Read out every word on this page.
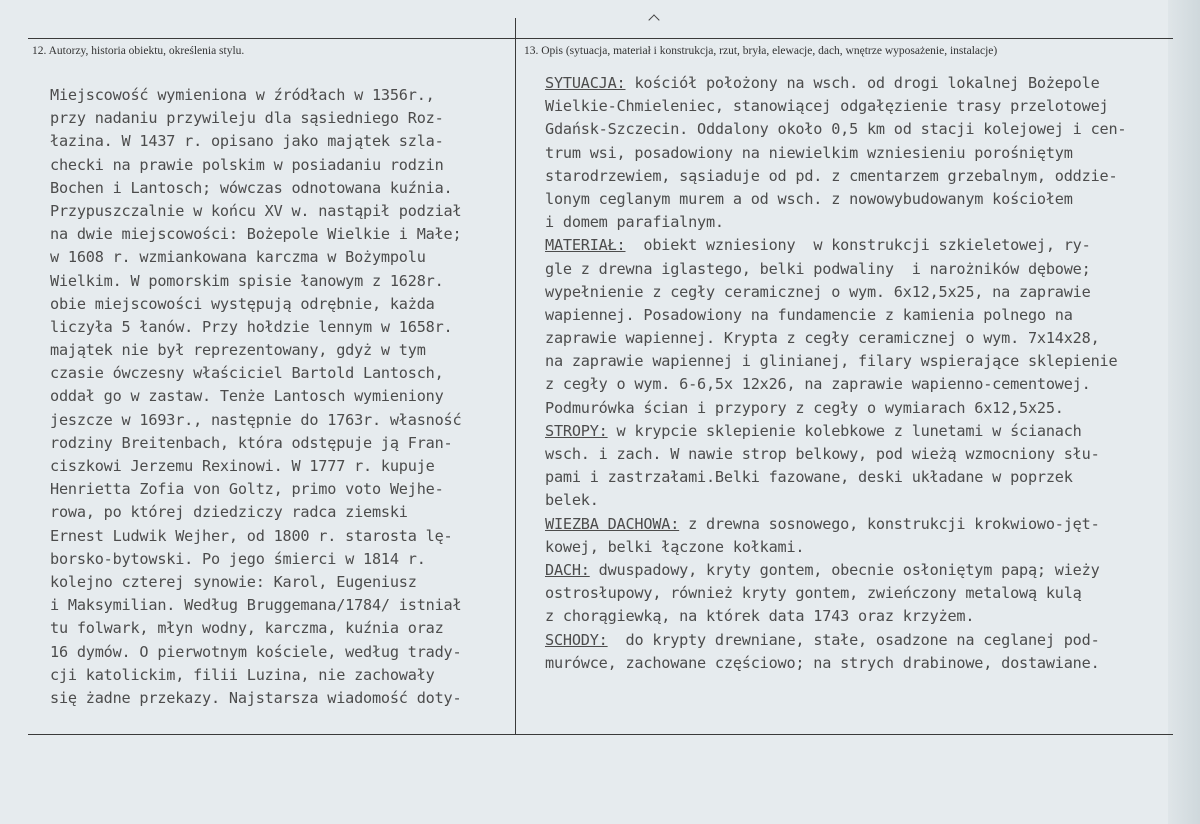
12. Autorzy, historia obiektu, określenia stylu.	13. Opis (sytuacja, materiał i konstrukcja, rzut, bryła, elewacje, dach, wnętrze wyposażenie, instalacje)
Miejscowość wymieniona w źródłach w 1356r.,
przy nadaniu przywileju dla sąsiedniego Roz-
łazina. W 1437 r. opisano jako majątek szla-
checki na prawie polskim w posiadaniu rodzin
Bochen i Lantosch; wówczas odnotowana kuźnia.
Przypuszczalnie w końcu XV w. nastąpił podział
na dwie miejscowości: Bożepole Wielkie i Małe;
w 1608 r. wzmiankowana karczma w Bożympolu
Wielkim. W pomorskim spisie łanowym z 1628r.
obie miejscowości występują odrębnie, każda
liczyła 5 łanów. Przy hołdzie lennym w 1658r.
majątek nie był reprezentowany, gdyż w tym
czasie ówczesny właściciel Bartold Lantosch,
oddał go w zastaw. Tenże Lantosch wymieniony
jeszcze w 1693r., następnie do 1763r. własność
rodziny Breitenbach, która odstępuje ją Fran-
ciszkowi Jerzemu Rexinowi. W 1777 r. kupuje
Henrietta Zofia von Goltz, primo voto Wejhe-
rowa, po której dziedziczy radca ziemski
Ernest Ludwik Wejher, od 1800 r. starosta lę-
borsko-bytowski. Po jego śmierci w 1814 r.
kolejno czterej synowie: Karol, Eugeniusz
i Maksymilian. Według Bruggemana/1784/ istniał
tu folwark, młyn wodny, karczma, kuźnia oraz
16 dymów. O pierwotnym kościele, według trady-
cji katolickim, filii Luzina, nie zachowały
się żadne przekazy. Najstarsza wiadomość doty-
SYTUACJA: kościół położony na wsch. od drogi lokalnej Bożepole
Wielkie-Chmieleniec, stanowiącej odgałęzienie trasy przelotowej
Gdańsk-Szczecin. Oddalony około 0,5 km od stacji kolejowej i cen-
trum wsi, posadowiony na niewielkim wzniesieniu porośniętym
starodrzewiem, sąsiaduje od pd. z cmentarzem grzebalnym, oddzie-
lonym ceglanym murem a od wsch. z nowowybudowanym kościołem
i domem parafialnym.
MATERIAŁ:  obiekt wzniesiony  w konstrukcji szkieletowej, ry-
gle z drewna iglastego, belki podwaliny  i narożników dębowe;
wypełnienie z cegły ceramicznej o wym. 6x12,5x25, na zaprawie
wapiennej. Posadowiony na fundamencie z kamienia polnego na
zaprawie wapiennej. Krypta z cegły ceramicznej o wym. 7x14x28,
na zaprawie wapiennej i glinianej, filary wspierające sklepienie
z cegły o wym. 6-6,5x 12x26, na zaprawie wapienno-cementowej.
Podmurówka ścian i przypory z cegły o wymiarach 6x12,5x25.
STROPY: w krypcie sklepienie kolebkowe z lunetami w ścianach
wsch. i zach. W nawie strop belkowy, pod wieżą wzmocniony słu-
pami i zastrzałami.Belki fazowane, deski układane w poprzek
belek.
WIEZBA DACHOWA: z drewna sosnowego, konstrukcji krokwiowo-jęt-
kowej, belki łączone kołkami.
DACH: dwuspadowy, kryty gontem, obecnie osłoniętym papą; wieży
ostrosłupowy, również kryty gontem, zwieńczony metalową kulą
z chorągiewką, na którek data 1743 oraz krzyżem.
SCHODY:  do krypty drewniane, stałe, osadzone na ceglanej pod-
murówce, zachowane częściowo; na strych drabinowe, dostawiane.
